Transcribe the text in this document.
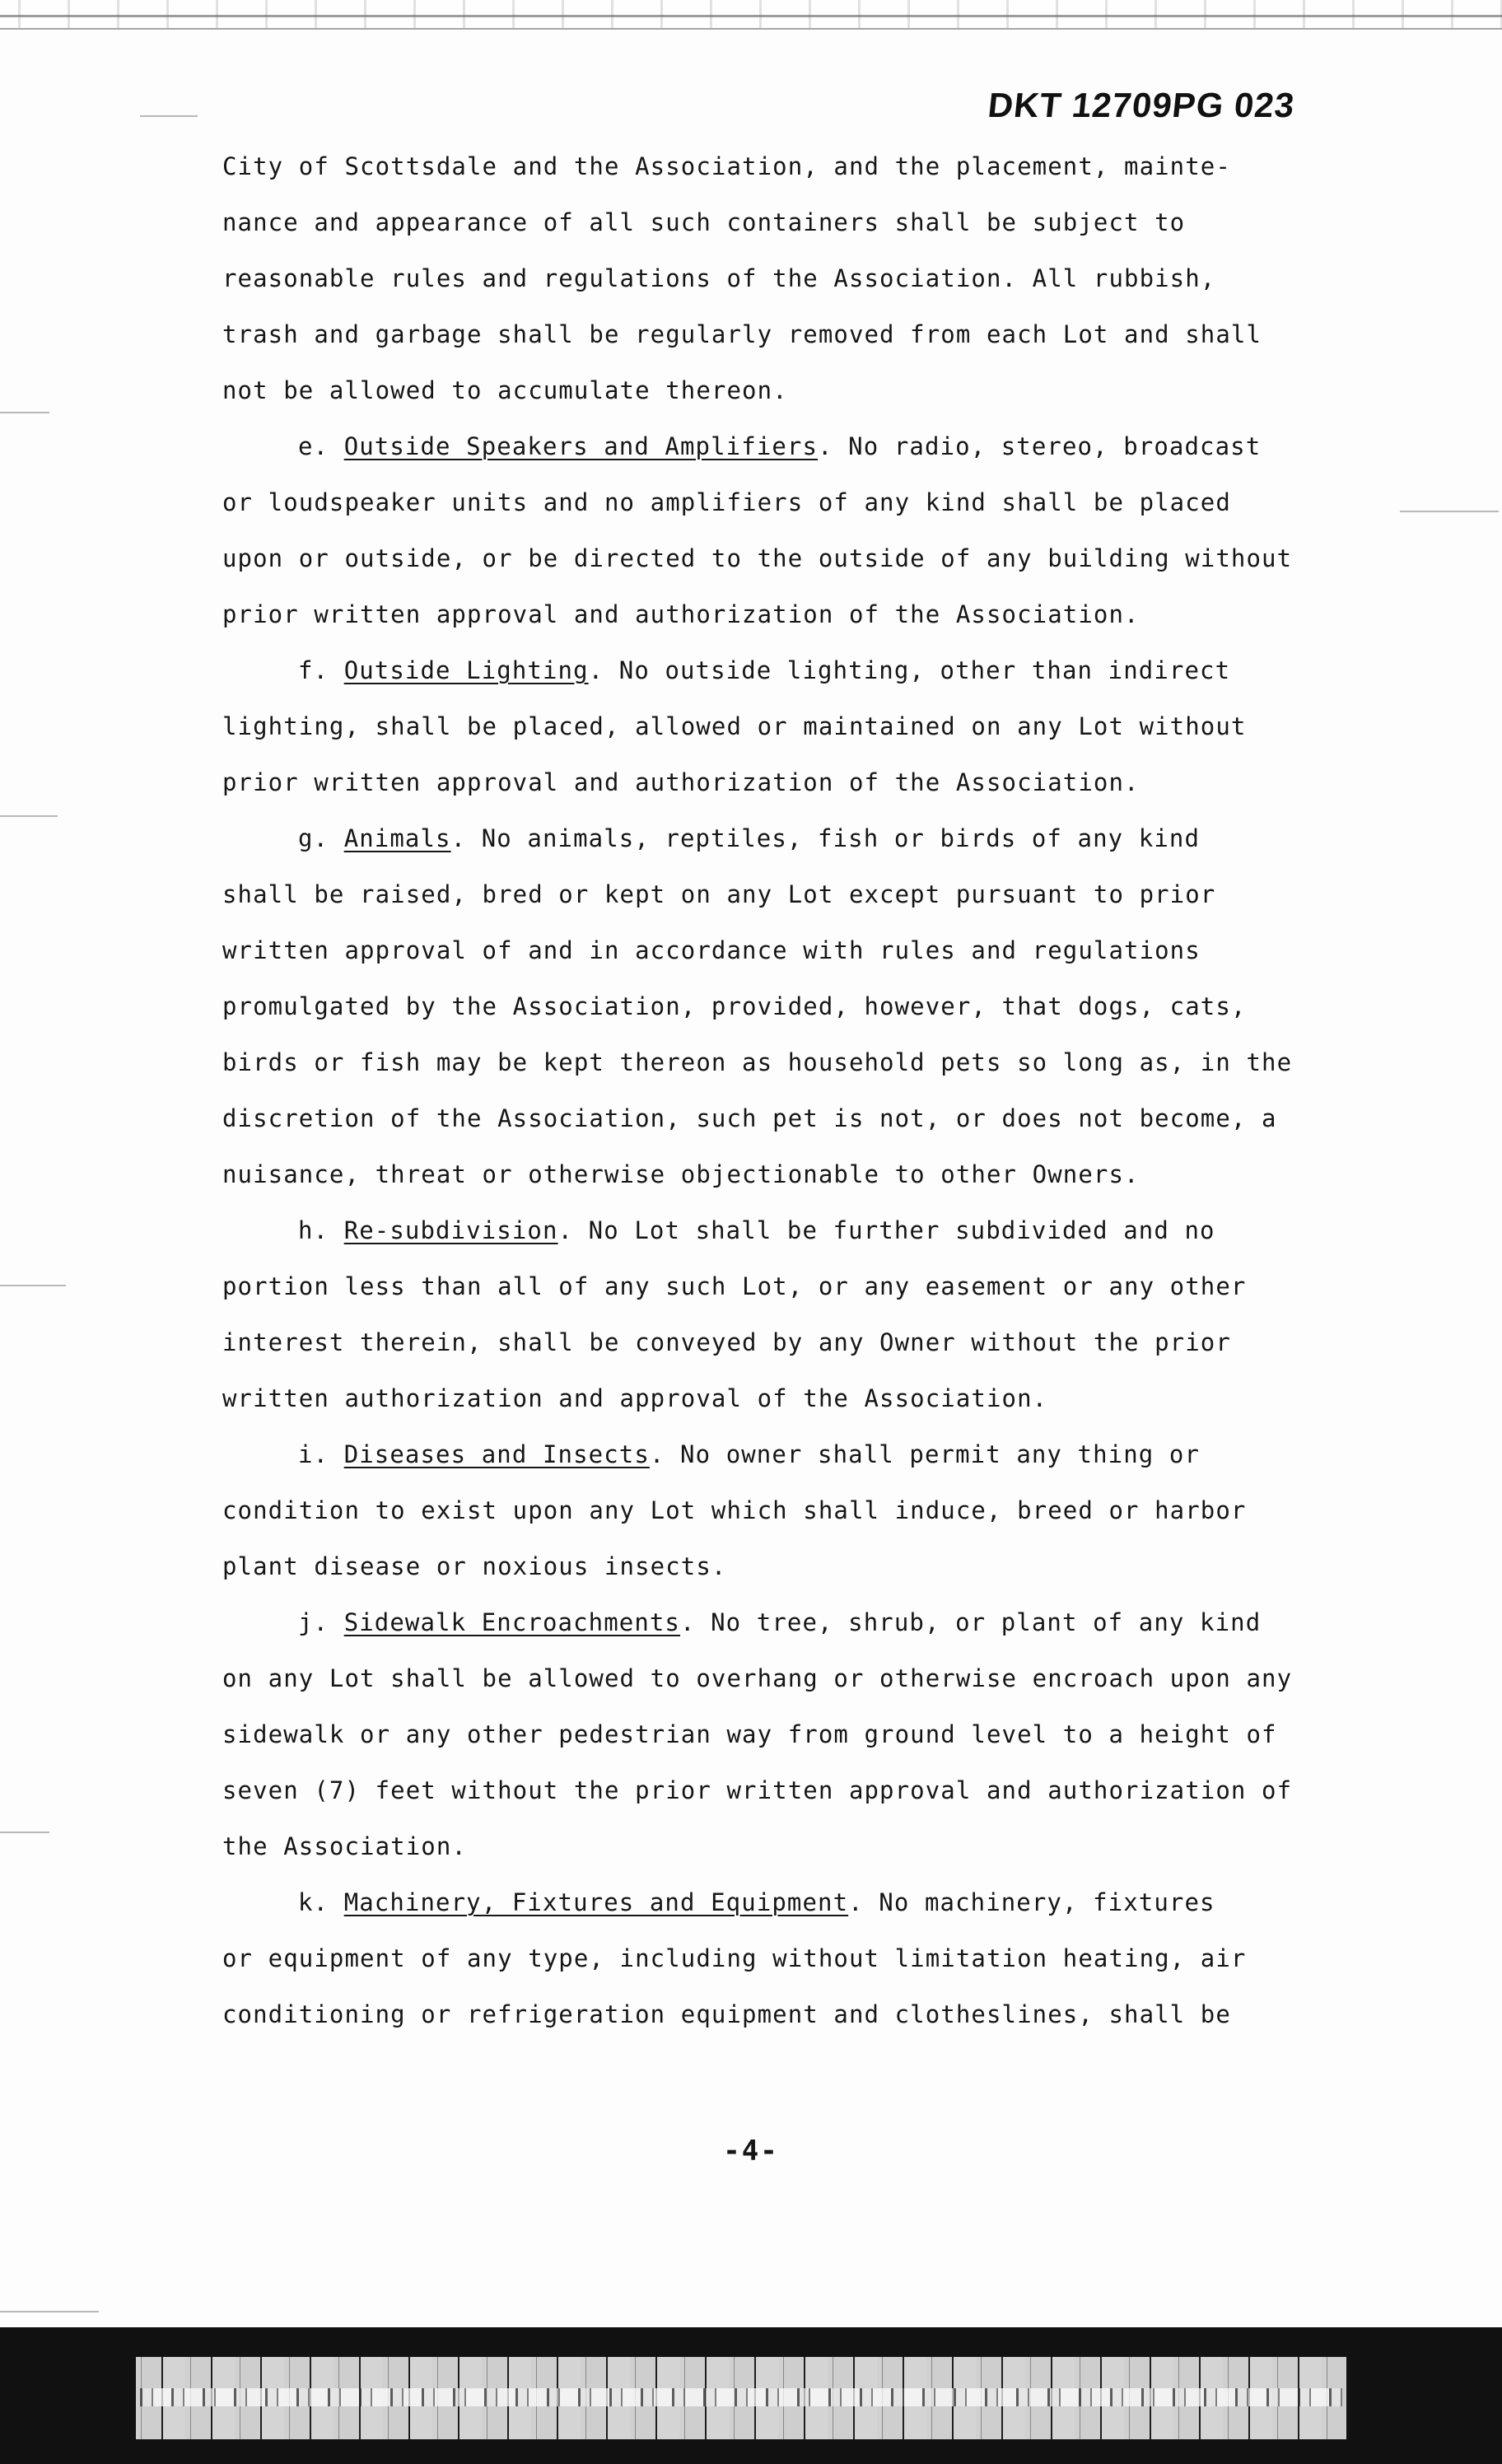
DKT 12709PG 023
City of Scottsdale and the Association, and the placement, mainte-
nance and appearance of all such containers shall be subject to
reasonable rules and regulations of the Association. All rubbish,
trash and garbage shall be regularly removed from each Lot and shall
not be allowed to accumulate thereon.
e. Outside Speakers and Amplifiers. No radio, stereo, broadcast
or loudspeaker units and no amplifiers of any kind shall be placed
upon or outside, or be directed to the outside of any building without
prior written approval and authorization of the Association.
f. Outside Lighting. No outside lighting, other than indirect
lighting, shall be placed, allowed or maintained on any Lot without
prior written approval and authorization of the Association.
g. Animals. No animals, reptiles, fish or birds of any kind
shall be raised, bred or kept on any Lot except pursuant to prior
written approval of and in accordance with rules and regulations
promulgated by the Association, provided, however, that dogs, cats,
birds or fish may be kept thereon as household pets so long as, in the
discretion of the Association, such pet is not, or does not become, a
nuisance, threat or otherwise objectionable to other Owners.
h. Re-subdivision. No Lot shall be further subdivided and no
portion less than all of any such Lot, or any easement or any other
interest therein, shall be conveyed by any Owner without the prior
written authorization and approval of the Association.
i. Diseases and Insects. No owner shall permit any thing or
condition to exist upon any Lot which shall induce, breed or harbor
plant disease or noxious insects.
j. Sidewalk Encroachments. No tree, shrub, or plant of any kind
on any Lot shall be allowed to overhang or otherwise encroach upon any
sidewalk or any other pedestrian way from ground level to a height of
seven (7) feet without the prior written approval and authorization of
the Association.
k. Machinery, Fixtures and Equipment. No machinery, fixtures
or equipment of any type, including without limitation heating, air
conditioning or refrigeration equipment and clotheslines, shall be
-4-
